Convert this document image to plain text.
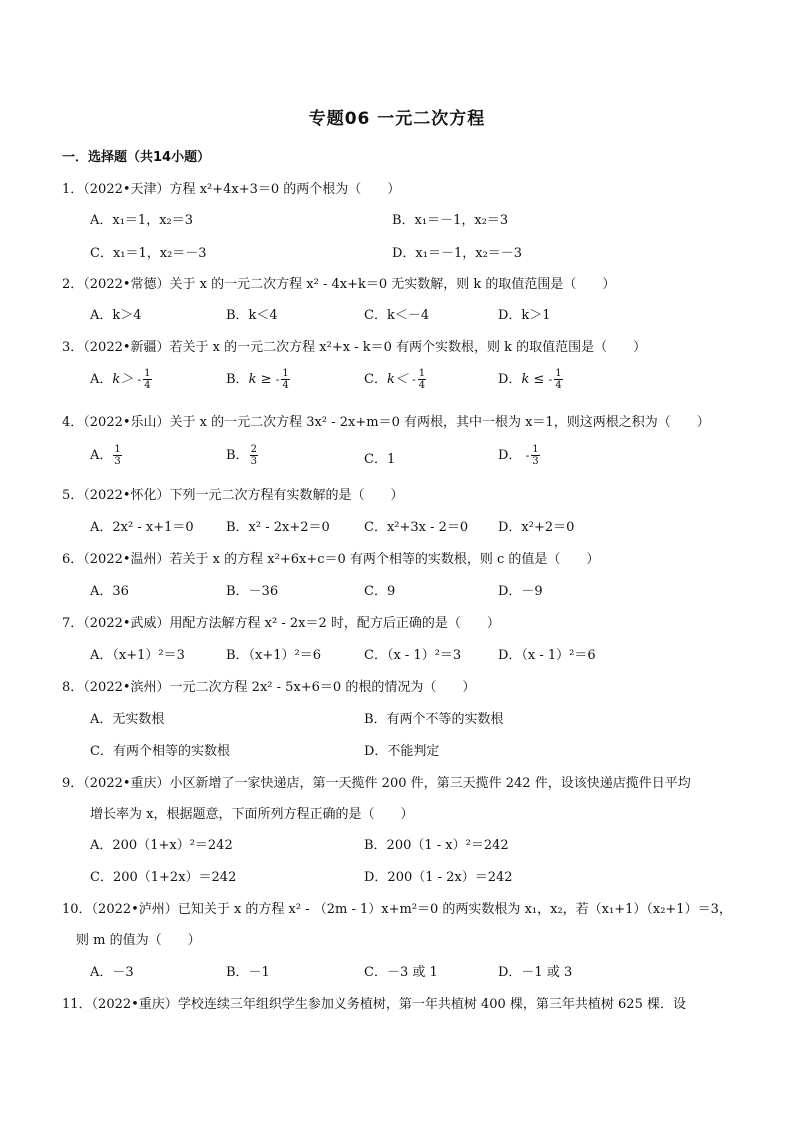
专题06 一元二次方程
一．选择题（共14小题）
1．（2022•天津）方程 x²+4x+3＝0 的两个根为（　　）
A．x₁＝1，x₂＝3	B．x₁＝－1，x₂＝3
C．x₁＝1，x₂＝－3	D．x₁＝－1，x₂＝－3
2．（2022•常德）关于 x 的一元二次方程 x² - 4x+k＝0 无实数解，则 k 的取值范围是（　　）
A．k＞4	B．k＜4	C．k＜－4	D．k＞1
3．（2022•新疆）若关于 x 的一元二次方程 x²+x - k＝0 有两个实数根，则 k 的取值范围是（　　）
A．$k> - \frac{1}{4}$	B．k ≥ - $\frac{1}{4}$	C．$k< - \frac{1}{4}$	D．k ≤ - $\frac{1}{4}$
4．（2022•乐山）关于 x 的一元二次方程 3x² - 2x+m＝0 有两根，其中一根为 x＝1，则这两根之积为（　　）
A． $\frac{1}{3}$	B． $\frac{2}{3}$	C．1	D． - $\frac{1}{3}$
5．（2022•怀化）下列一元二次方程有实数解的是（　　）
A．2x² - x+1＝0 B．x² - 2x+2＝0	C．x²+3x - 2＝0 D．x²+2＝0
6．（2022•温州）若关于 x 的方程 x²+6x+c＝0 有两个相等的实数根，则 c 的值是（　　）
A．36	B．－36	C．9	D．－9
7．（2022•武威）用配方法解方程 x² - 2x＝2 时，配方后正确的是（　　）
A．（x+1）²＝3	B．（x+1）²＝6	C．（x - 1）²＝3	D．（x - 1）²＝6
8．（2022•滨州）一元二次方程 2x² - 5x+6＝0 的根的情况为（　　）
A．无实数根	B．有两个不等的实数根
C．有两个相等的实数根	D．不能判定
9．（2022•重庆）小区新增了一家快递店，第一天揽件 200 件，第三天揽件 242 件，设该快递店揽件日平均
增长率为 x，根据题意，下面所列方程正确的是（　　）
A．200（1+x）²＝242	B．200（1 - x）²＝242
C．200（1+2x）＝242	D．200（1 - 2x）＝242
10．（2022•泸州）已知关于 x 的方程 x² - （2m - 1）x+m²＝0 的两实数根为 x₁，x₂，若（x₁+1）（x₂+1）＝3，
则 m 的值为（　　）
A．－3	B．－1	C．－3 或 1	D．－1 或 3
11．（2022•重庆）学校连续三年组织学生参加义务植树，第一年共植树 400 棵，第三年共植树 625 棵．设
